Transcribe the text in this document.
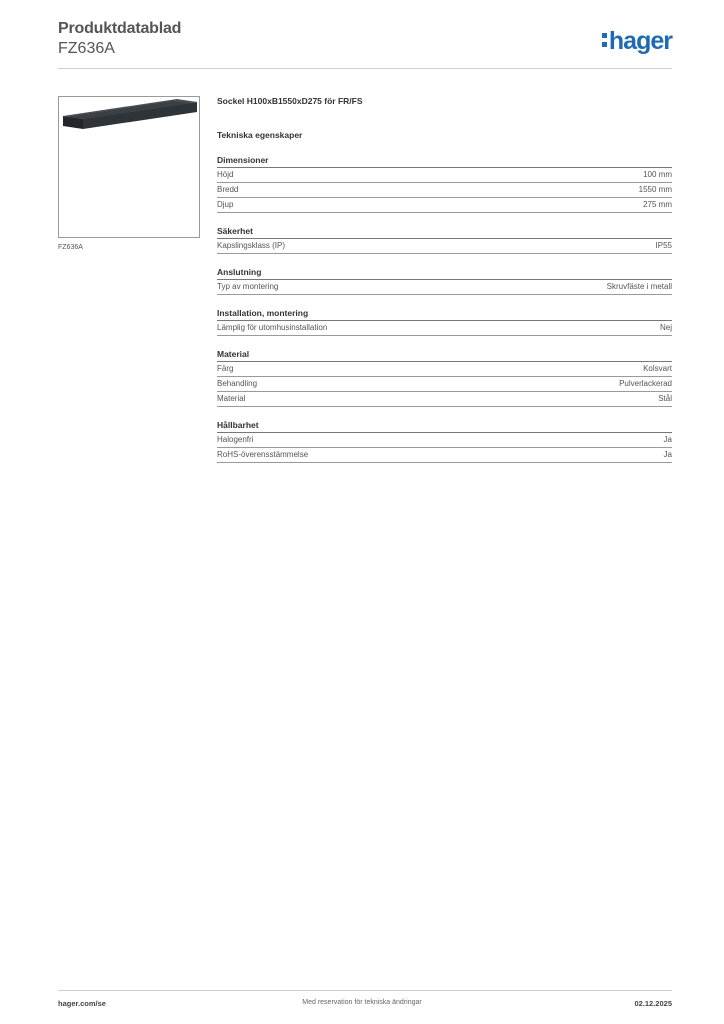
Produktdatablad
FZ636A	hager
FZ636A
Sockel H100xB1550xD275 för FR/FS
Tekniska egenskaper
Dimensioner
Höjd	100 mm
Bredd	1550 mm
Djup	275 mm
Säkerhet
Kapslingsklass (IP)	IP55
Anslutning
Typ av montering	Skruvfäste i metall
Installation, montering
Lämplig för utomhusinstallation	Nej
Material
Färg	Kolsvart
Behandling	Pulverlackerad
Material	Stål
Hållbarhet
Halogenfri	Ja
RoHS-överensstämmelse	Ja
hager.com/se	Med reservation för tekniska ändringar	02.12.2025
